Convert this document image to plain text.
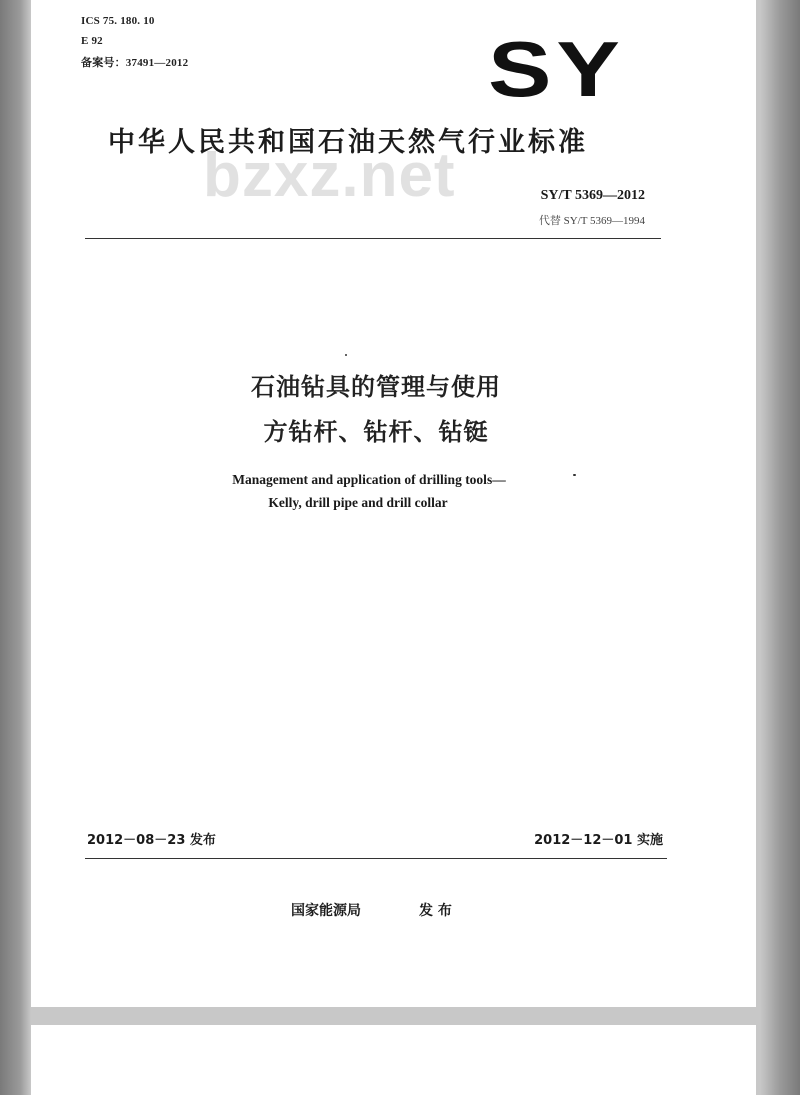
ICS 75. 180. 10
E 92
备案号：37491—2012	SY
中华人民共和国石油天然气行业标准
bzxz.net	SY/T 5369—2012
代替 SY/T 5369—1994
石油钻具的管理与使用
方钻杆、钻杆、钻铤
Management and application of drilling tools—
Kelly, drill pipe and drill collar
2012－08－23 发布	2012－12－01 实施
国家能源局	发 布
